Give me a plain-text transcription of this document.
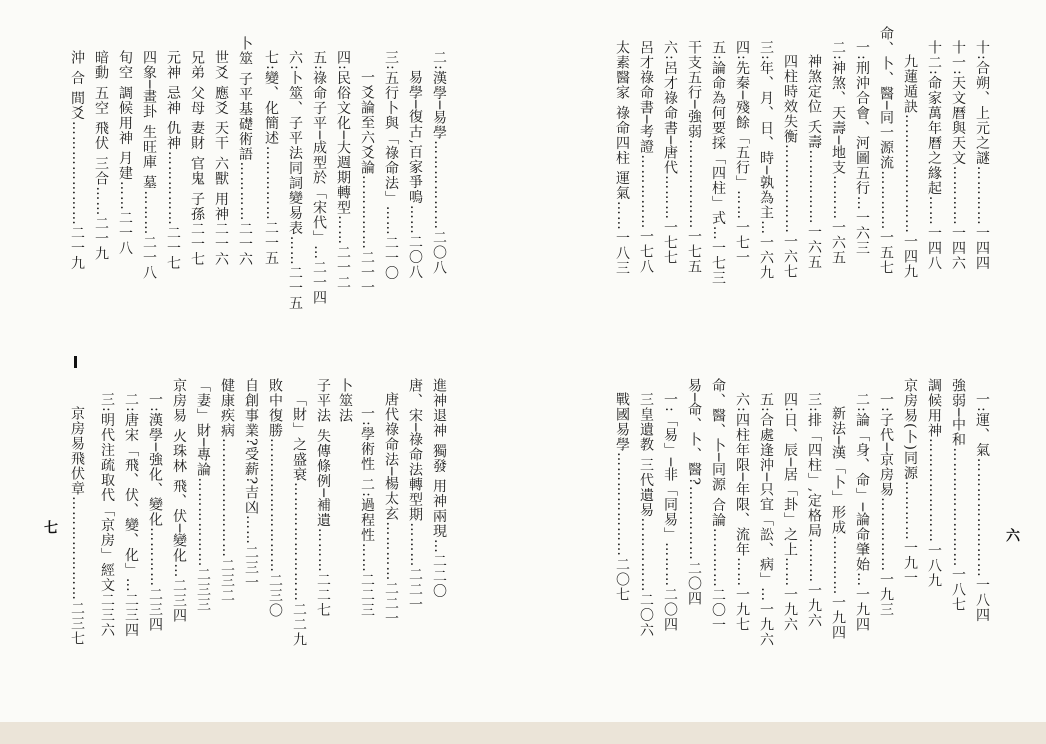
二:漢學─易學………………二〇八
易學─復古,百家爭鳴……二〇八
三:五行卜與「祿命法」……二一〇
一爻論至六爻論……………二一一
四:民俗文化─大週期轉型……二一二
五:祿命子平─成型於「宋代」…二一四
六:卜筮、子平法同詞變易表……二一五
七:變、化簡述……………二一五
卜筮 子平基礎術語…………二一六
世爻 應爻 天干 六獸 用神二一六
兄弟 父母 妻財 官鬼 子孫二一七
元神 忌神 仇神……………二一七
四象─畫卦 生旺庫 墓………二一八
旬空 調候用神 月建……二一八
暗動 五空 飛伏 三合……二一九
沖 合 間爻…………………二一九	十:合朔、上元之謎…………一四四
十一:天文曆與天文…………一四六
十二:命家萬年曆之緣起……一四八
九蓮遁訣……………………一四九
命、卜、醫─同一源流…………一五七
一:刑沖合會、河圖五行…一六三
二:神煞、天壽─地支………一六五
神煞定位 夭壽……………一六五
四柱時效失衡………………一六七
三:年、月、日、時─孰為主…一六九
四:先秦─殘餘「五行」……一七一
五:論命為何要採「四柱」式…一七三
干支五行─強弱………………一七五
六:呂才祿命書─唐代………一七七
呂才祿命書─考證……………一七八
太素醫家 祿命四柱 運氣……一八三
進神退神 獨發 用神兩現…二二〇
唐、宋─祿命法轉型期………二二一
唐代祿命法─楊太玄…………二二一
一:學術性 二:過程性……二二三
卜筮法
子平法 失傳條例─補遺………二二七
「財」之盛衰……………………二二九
敗中復勝………………………二三〇
自創事業?受薪?吉凶……二三一
健康疾病……………………二三二
「妻」財─專論………………二三三
京房易 火珠林 飛、伏─變化…二三四
一:漢學─強化、變化…………二三四
二:唐宋「飛、伏、變、化」…二三四
三:明代注疏取代「京房」經文二三六
京房易飛伏章…………………二三七
七	一:運、氣……………………一八四
強弱─中和……………………一八七
調候用神…………………一八九
京房易(卜)同源…………一九一
一:子代─京房易……………一九三
二:論「身、命」─論命肇始…一九四
新法─漢「卜」形成…………一九四
三:排「四柱」,定格局………一九六
四:日、辰─居「卦」之上……一九六
五:合處逢沖─只宜「訟、病」…一九六
六:四柱年限─年限、流年……一九七
命、醫、卜─同源 合論…………二〇一
易─命、卜、醫?……………二〇四
一:「易」─非「同易」………二〇四
三皇遺教 三代遺易……………二〇六
戰國易學…………………二〇七	六
